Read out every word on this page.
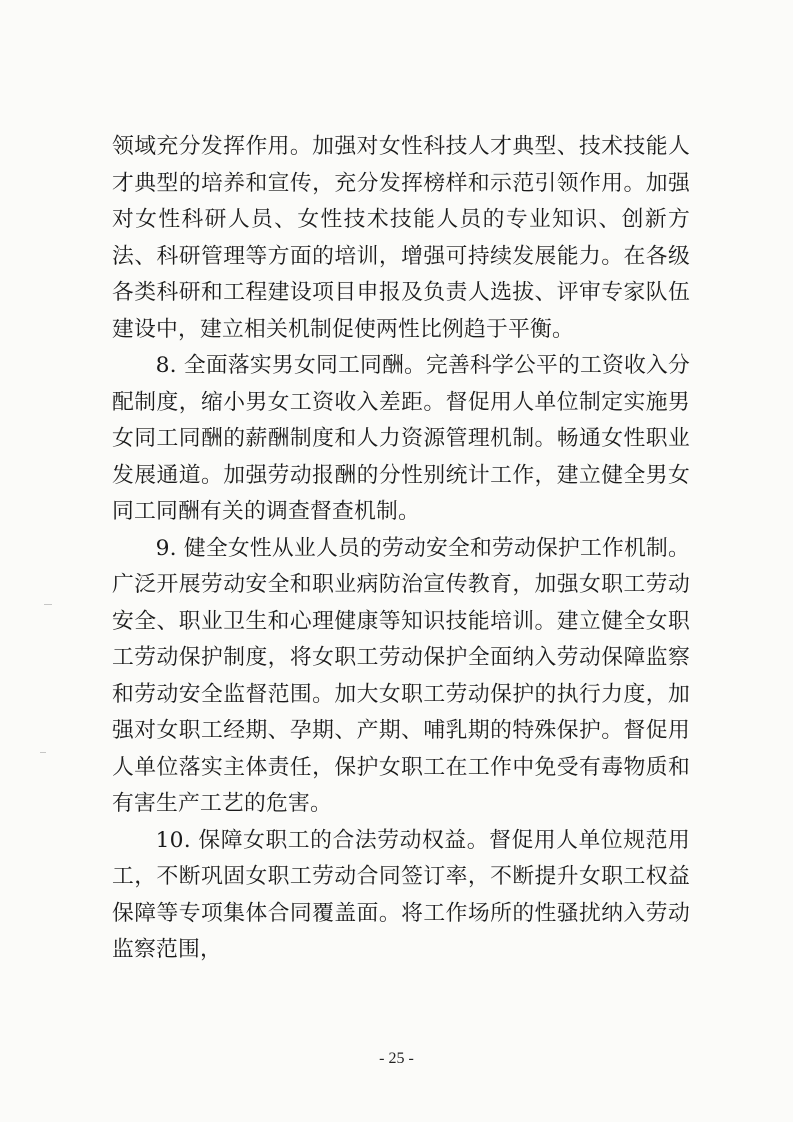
领域充分发挥作用。加强对女性科技人才典型、技术技能人才典型的培养和宣传，充分发挥榜样和示范引领作用。加强对女性科研人员、女性技术技能人员的专业知识、创新方法、科研管理等方面的培训，增强可持续发展能力。在各级各类科研和工程建设项目申报及负责人选拔、评审专家队伍建设中，建立相关机制促使两性比例趋于平衡。

8. 全面落实男女同工同酬。完善科学公平的工资收入分配制度，缩小男女工资收入差距。督促用人单位制定实施男女同工同酬的薪酬制度和人力资源管理机制。畅通女性职业发展通道。加强劳动报酬的分性别统计工作，建立健全男女同工同酬有关的调查督查机制。

9. 健全女性从业人员的劳动安全和劳动保护工作机制。广泛开展劳动安全和职业病防治宣传教育，加强女职工劳动安全、职业卫生和心理健康等知识技能培训。建立健全女职工劳动保护制度，将女职工劳动保护全面纳入劳动保障监察和劳动安全监督范围。加大女职工劳动保护的执行力度，加强对女职工经期、孕期、产期、哺乳期的特殊保护。督促用人单位落实主体责任，保护女职工在工作中免受有毒物质和有害生产工艺的危害。

10. 保障女职工的合法劳动权益。督促用人单位规范用工，不断巩固女职工劳动合同签订率，不断提升女职工权益保障等专项集体合同覆盖面。将工作场所的性骚扰纳入劳动监察范围，

- 25 -
